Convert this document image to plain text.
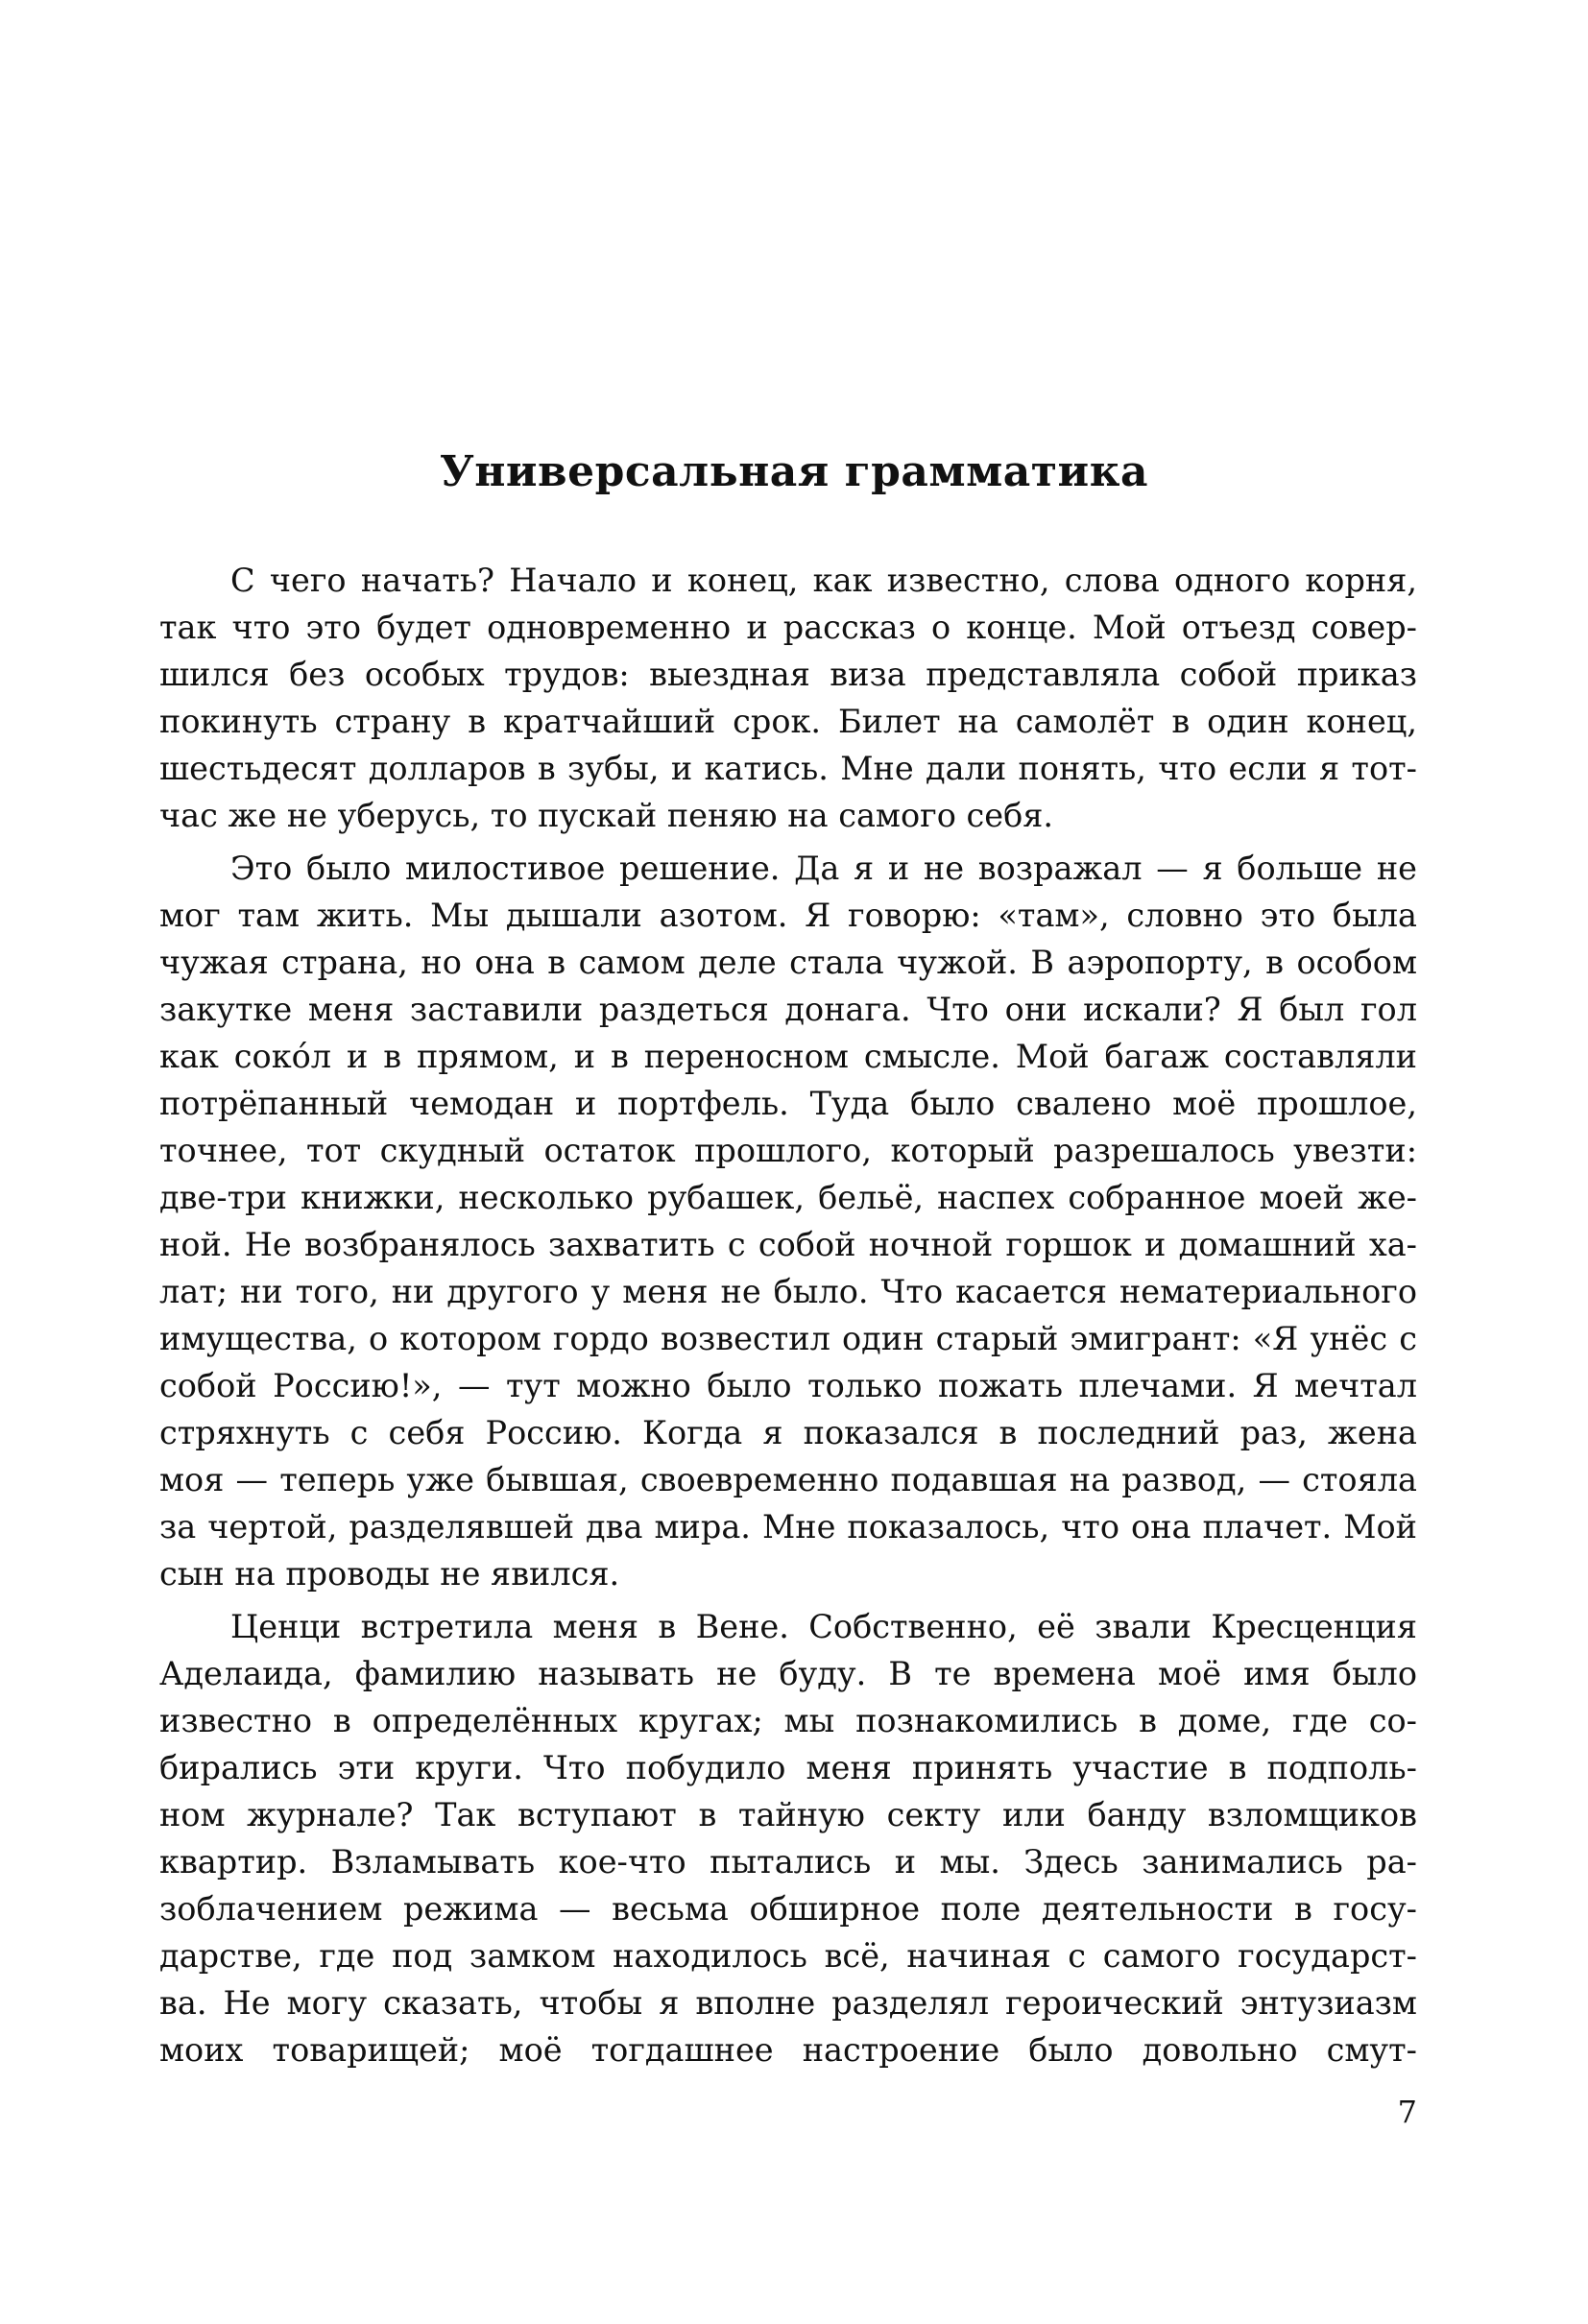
Универсальная грамматика

С чего начать? Начало и конец, как известно, слова одного корня,
так что это будет одновременно и рассказ о конце. Мой отъезд совер-
шился без особых трудов: выездная виза представляла собой приказ
покинуть страну в кратчайший срок. Билет на самолёт в один конец,
шестьдесят долларов в зубы, и катись. Мне дали понять, что если я тот-
час же не уберусь, то пускай пеняю на самого себя.

Это было милостивое решение. Да я и не возражал — я больше не
мог там жить. Мы дышали азотом. Я говорю: «там», словно это была
чужая страна, но она в самом деле стала чужой. В аэропорту, в особом
закутке меня заставили раздеться донага. Что они искали? Я был гол
как сокóл и в прямом, и в переносном смысле. Мой багаж составляли
потрёпанный чемодан и портфель. Туда было свалено моё прошлое,
точнее, тот скудный остаток прошлого, который разрешалось увезти:
две-три книжки, несколько рубашек, бельё, наспех собранное моей же-
ной. Не возбранялось захватить с собой ночной горшок и домашний ха-
лат; ни того, ни другого у меня не было. Что касается нематериального
имущества, о котором гордо возвестил один старый эмигрант: «Я унёс с
собой Россию!», — тут можно было только пожать плечами. Я мечтал
стряхнуть с себя Россию. Когда я показался в последний раз, жена
моя — теперь уже бывшая, своевременно подавшая на развод, — стояла
за чертой, разделявшей два мира. Мне показалось, что она плачет. Мой
сын на проводы не явился.

Ценци встретила меня в Вене. Собственно, её звали Кресценция
Аделаида, фамилию называть не буду. В те времена моё имя было
известно в определённых кругах; мы познакомились в доме, где со-
бирались эти круги. Что побудило меня принять участие в подполь-
ном журнале? Так вступают в тайную секту или банду взломщиков
квартир. Взламывать кое-что пытались и мы. Здесь занимались ра-
зоблачением режима — весьма обширное поле деятельности в госу-
дарстве, где под замком находилось всё, начиная с самого государст-
ва. Не могу сказать, чтобы я вполне разделял героический энтузиазм
моих товарищей; моё тогдашнее настроение было довольно смут-

7
